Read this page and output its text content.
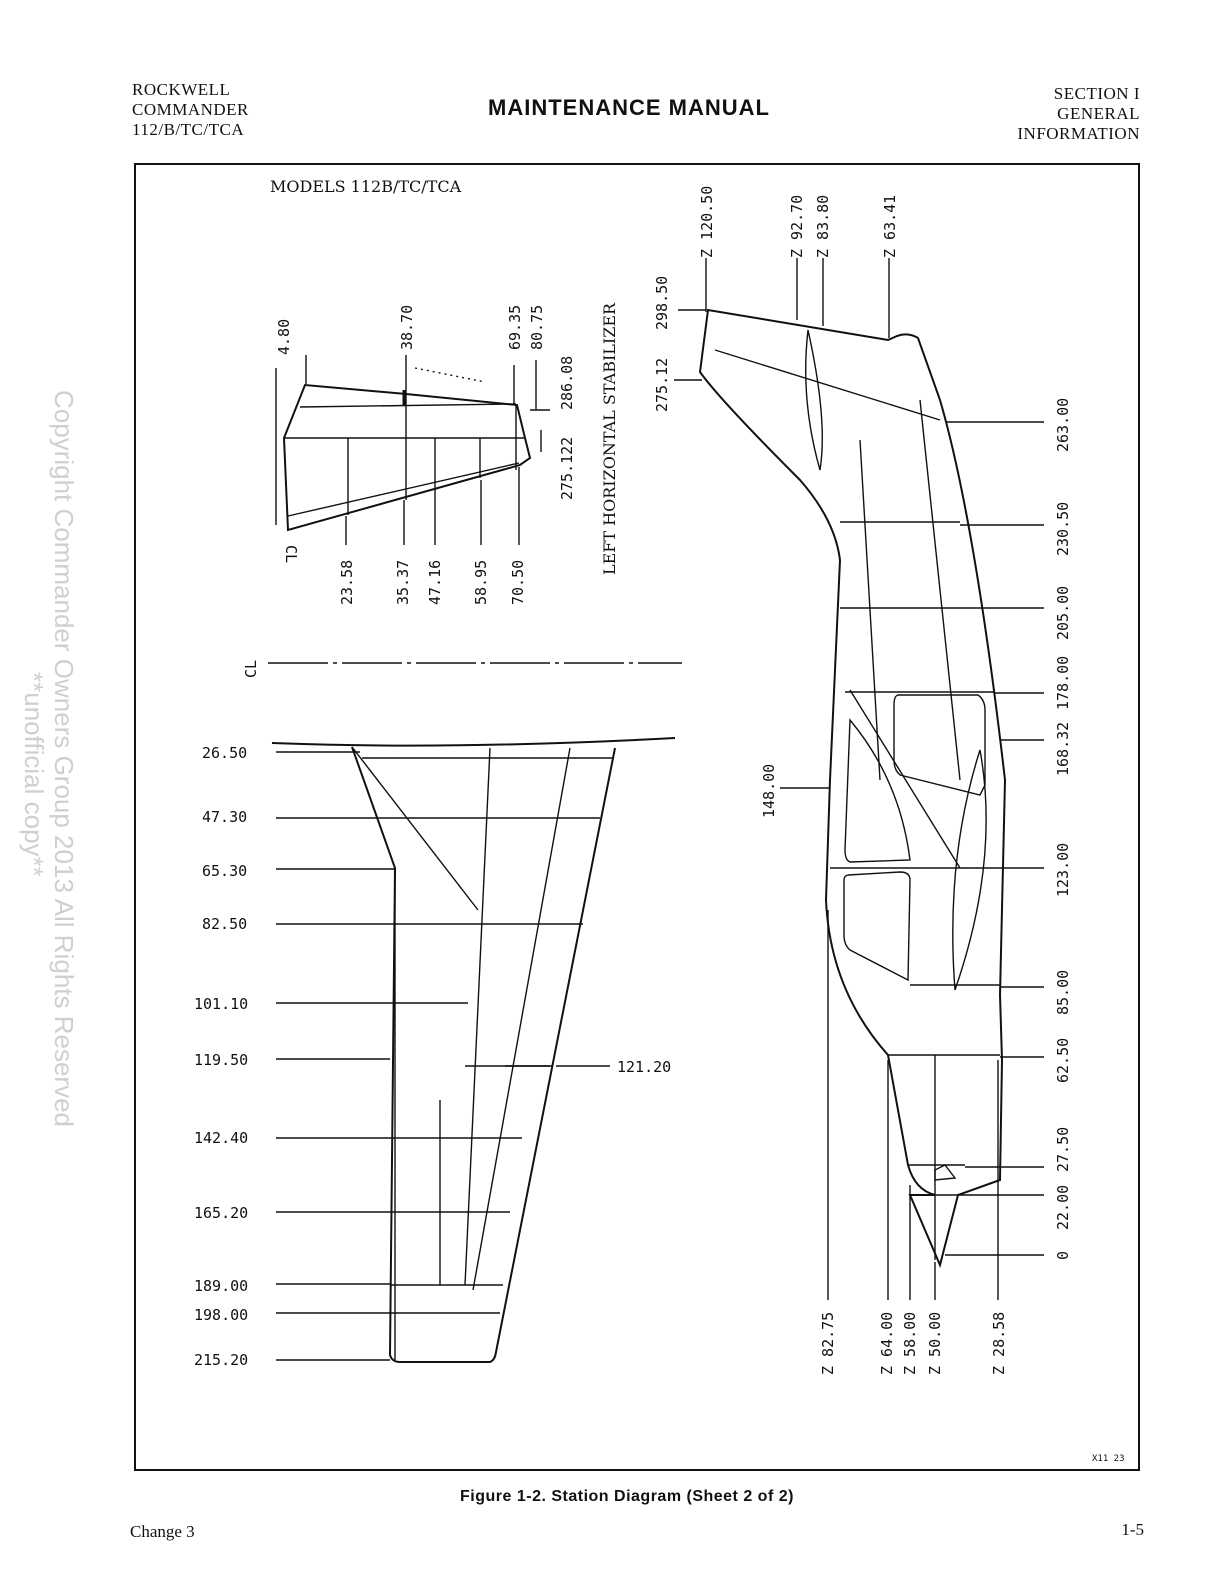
ROCKWELL
COMMANDER
112/B/TC/TCA
MAINTENANCE MANUAL
SECTION I
GENERAL
INFORMATION
MODELS 112B/TC/TCA
4.80	38.70	69.35 80.75
286.08
275.122
23.58	35.37 47.16 58.95 70.50
CL	LEFT HORIZONTAL STABILIZER 275.12
298.50
CL
26.50
47.30
65.30
82.50
101.10
119.50
142.40
165.20
189.00
198.00
215.20
121.20
Z 120.50	Z 92.70 Z 83.80	Z 63.41
263.00
230.50
205.00
178.00
168.32
123.00
85.00
62.50
27.50
22.00
0
148.00
Z 82.75	Z 64.00 Z 58.00 Z 50.00	Z 28.58
X11 23
Copyright Commander Owners Group 2013 All Rights Reserved
**unofficial copy**
Figure 1-2. Station Diagram (Sheet 2 of 2)
Change 3	1-5
